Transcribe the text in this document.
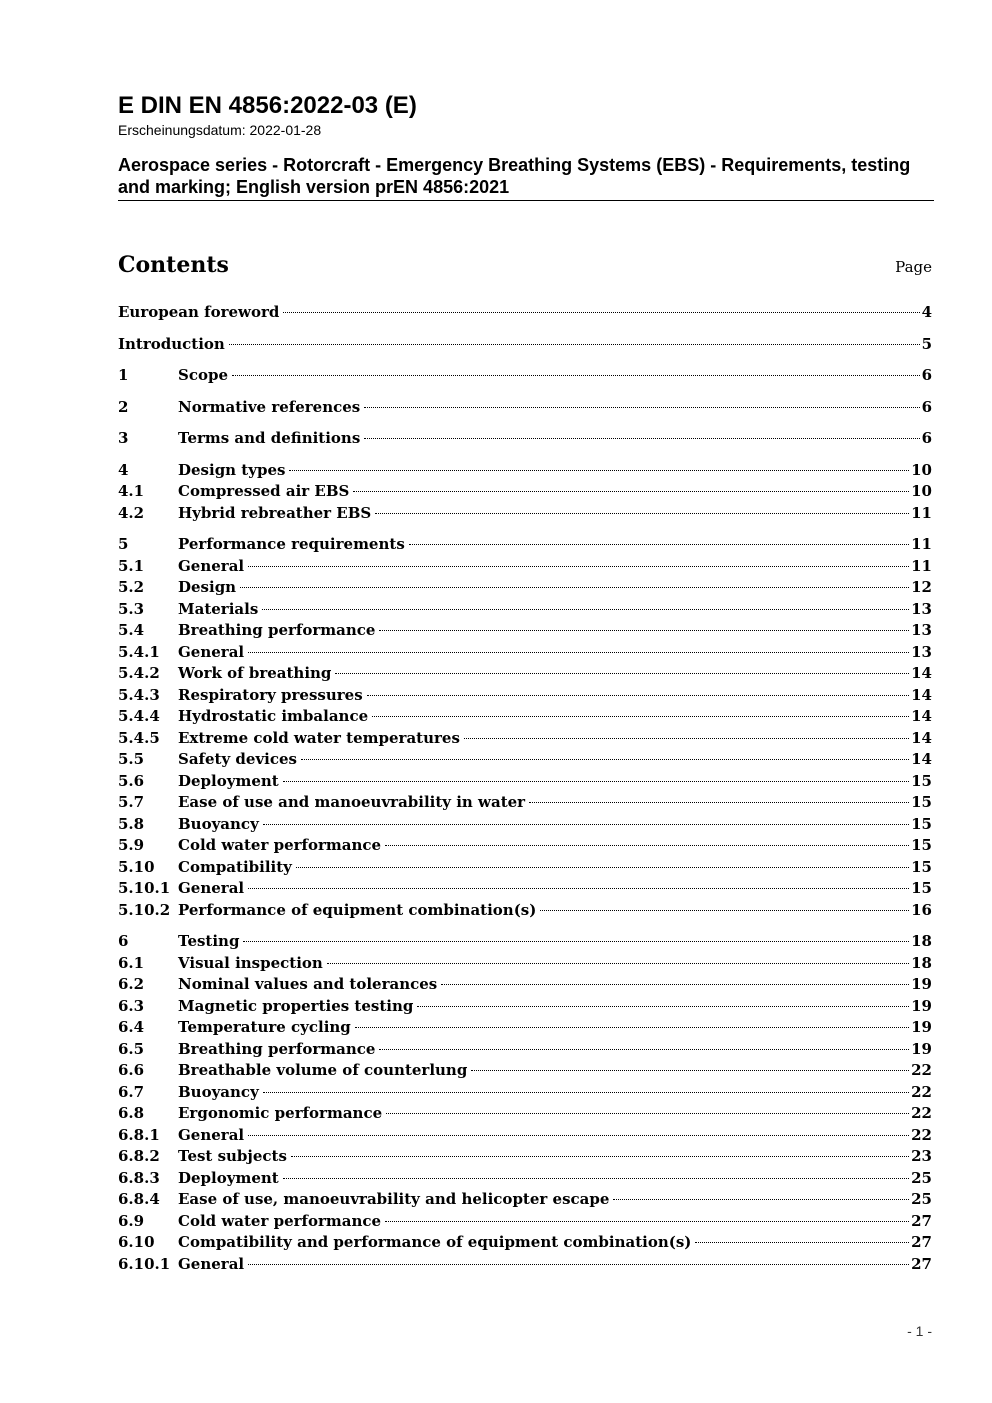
E DIN EN 4856:2022-03 (E)
Erscheinungsdatum: 2022-01-28
Aerospace series - Rotorcraft - Emergency Breathing Systems (EBS) - Requirements, testing and marking; English version prEN 4856:2021
Contents	Page
European foreword	4
Introduction	5
1	Scope	6
2	Normative references	6
3	Terms and definitions	6
4	Design types	10
4.1 Compressed air EBS	10
4.2 Hybrid rebreather EBS	11
5	Performance requirements	11
5.1 General	11
5.2 Design	12
5.3 Materials	13
5.4 Breathing performance	13
5.4.1 General	13
5.4.2 Work of breathing	14
5.4.3 Respiratory pressures	14
5.4.4 Hydrostatic imbalance	14
5.4.5 Extreme cold water temperatures	14
5.5 Safety devices	14
5.6 Deployment	15
5.7 Ease of use and manoeuvrability in water	15
5.8 Buoyancy	15
5.9 Cold water performance	15
5.10 Compatibility	15
5.10.1 General	15
5.10.2 Performance of equipment combination(s)	16
6	Testing	18
6.1 Visual inspection	18
6.2 Nominal values and tolerances	19
6.3 Magnetic properties testing	19
6.4 Temperature cycling	19
6.5 Breathing performance	19
6.6 Breathable volume of counterlung	22
6.7 Buoyancy	22
6.8 Ergonomic performance	22
6.8.1 General	22
6.8.2 Test subjects	23
6.8.3 Deployment	25
6.8.4 Ease of use, manoeuvrability and helicopter escape	25
6.9 Cold water performance	27
6.10 Compatibility and performance of equipment combination(s)	27
6.10.1 General	27
- 1 -
